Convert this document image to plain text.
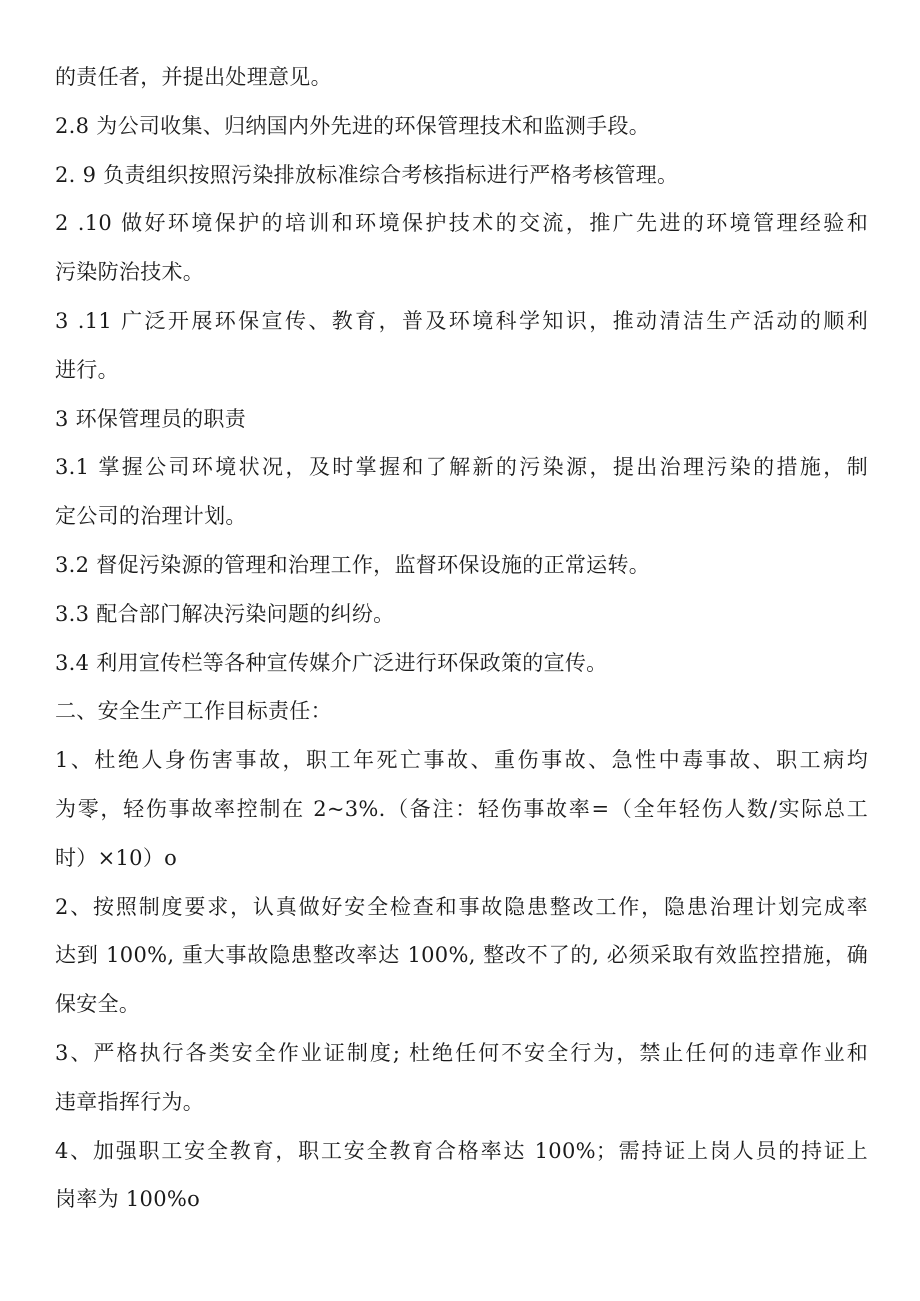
的责任者，并提出处理意见。
2.8 为公司收集、归纳国内外先进的环保管理技术和监测手段。
2. 9 负责组织按照污染排放标准综合考核指标进行严格考核管理。
2 .10 做好环境保护的培训和环境保护技术的交流，推广先进的环境管理经验和
污染防治技术。
3 .11 广泛开展环保宣传、教育，普及环境科学知识，推动清洁生产活动的顺利
进行。
3 环保管理员的职责
3.1 掌握公司环境状况，及时掌握和了解新的污染源，提出治理污染的措施，制
定公司的治理计划。
3.2 督促污染源的管理和治理工作，监督环保设施的正常运转。
3.3 配合部门解决污染问题的纠纷。
3.4 利用宣传栏等各种宣传媒介广泛进行环保政策的宣传。
二、安全生产工作目标责任：
1、杜绝人身伤害事故，职工年死亡事故、重伤事故、急性中毒事故、职工病均
为零，轻伤事故率控制在 2~3%.（备注：轻伤事故率=（全年轻伤人数/实际总工
时）×10）o
2、按照制度要求，认真做好安全检查和事故隐患整改工作，隐患治理计划完成率
达到 100%, 重大事故隐患整改率达 100%, 整改不了的, 必须采取有效监控措施，确
保安全。
3、严格执行各类安全作业证制度; 杜绝任何不安全行为，禁止任何的违章作业和
违章指挥行为。
4、加强职工安全教育，职工安全教育合格率达 100%；需持证上岗人员的持证上
岗率为 100%o
